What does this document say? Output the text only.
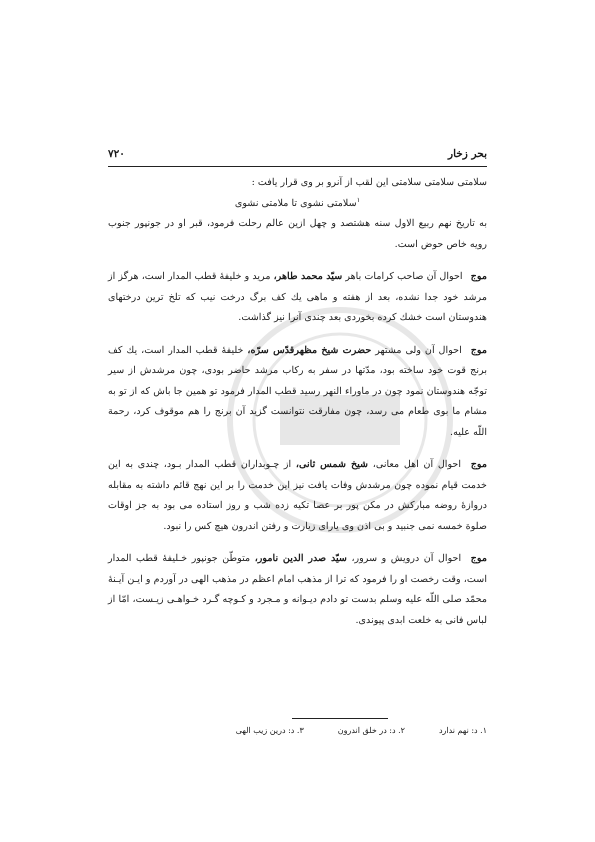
بحر زخار
۷۲۰

سلامتی سلامتی سلامتی این لقب از آنرو بر وی قرار یافت :

$^۱$سلامتی نشوی تا ملامتی نشوی

به تاریخ نهم ربیع الاول سنه هشتصد و چهل ازین عالم رحلت فرمود، قبر او در جونپور جنوب رویه خاص حوض است.

موج احوال آن صاحب کرامات باهر سیّد محمد طاهر، مرید و خلیفهٔ قطب المدار است، هرگز از مرشد خود جدا نشده، بعد از هفته و ماهی یك کف برگ درخت نیب که تلخ ترین درختهای هندوستان است خشك کرده بخوردی بعد چندی آنرا نیز گذاشت.

موج احوال آن ولی مشتهر حضرت شیخ مظهرقدّس سرّه، خلیفهٔ قطب المدار است، یك کف برنج قوت خود ساخته بود، مدّتها در سفر به رکاب مرشد حاضر بودی، چون مرشدش از سیر توجّه هندوستان نمود چون در ماوراء النهر رسید قطب المدار فرمود تو همین جا باش که از تو به مشام ما بوی طعام می رسد، چون مفارقت نتوانست گزید آن برنج را هم موقوف کرد، رحمة اللّه علیه.

موج احوال آن اهل معانی، شیخ شمس ثانی، از چـوبداران قطب المدار بـود، چندی به این خدمت قیام نموده چون مرشدش وفات یافت نیز این خدمت را بر این نهج قائم داشته به مقابله دروازهٔ روضه مبارکش در مکن پور بر عصا تکیه زده شب و روز استاده می بود به جز اوقات صلوة خمسه نمی جنبید و بی اذن وی یارای زیارت و رفتن اندرون هیچ کس را نبود.

موج احوال آن درویش و سرور، سیّد صدر الدین نامور، متوطّن جونپور خـلیفهٔ قطب المدار است، وقت رخصت او را فرمود که ترا از مذهب امام اعظم در مذهب الهی در آوردم و ایـن آیـنهٔ محمّد صلی اللّه علیه وسلم بدست تو دادم دیـوانه و مـجرد و کـوچه گـرد خـواهـی زیـست، امّا از لباس فانی به خلعت ابدی پیوندی.

۱. د: نهم ندارد
۲. د: در خلق اندرون
۳. د: درین زیب الهی
